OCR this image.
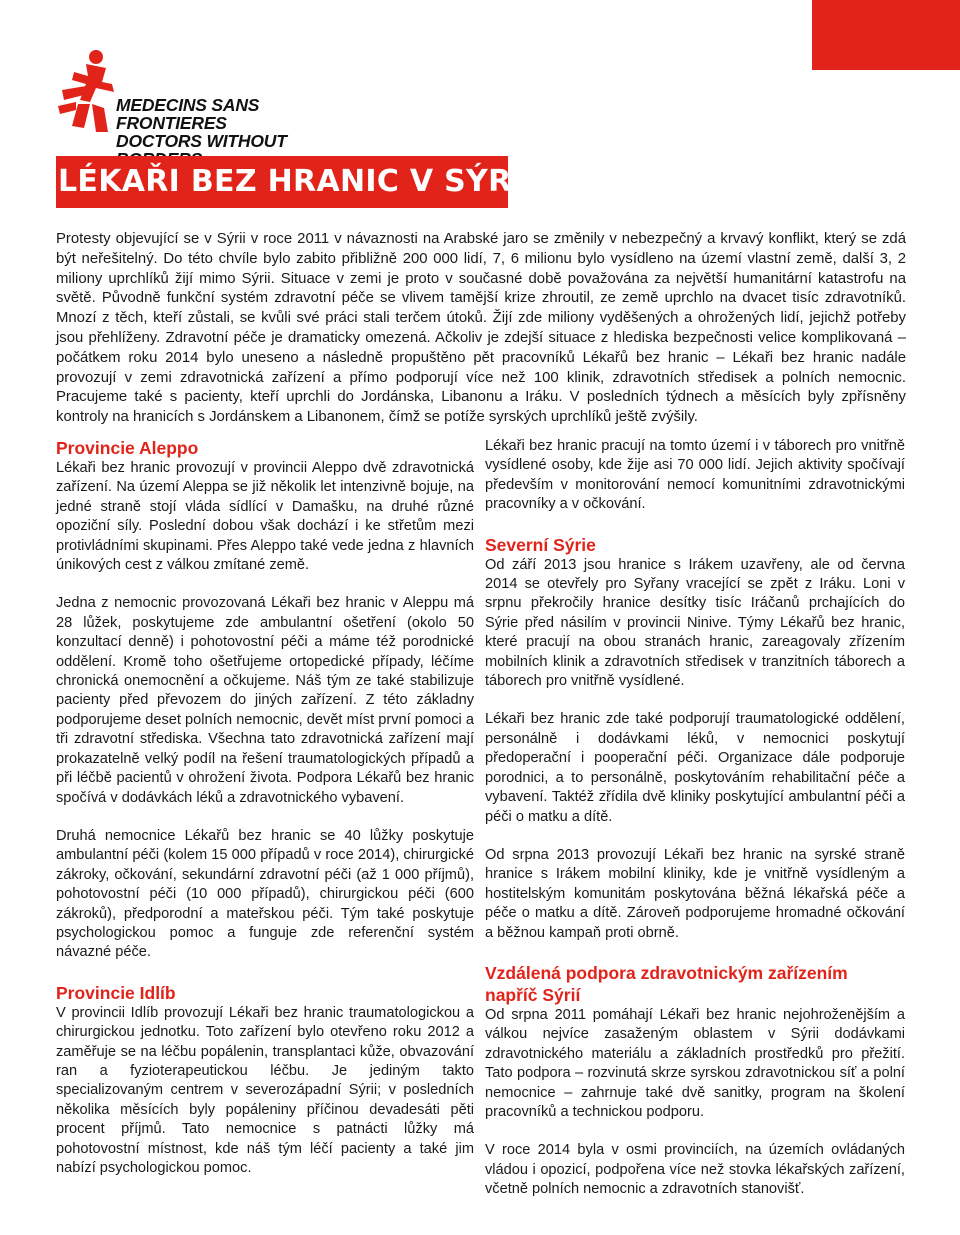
MEDECINS SANS FRONTIERES
DOCTORS WITHOUT
LÉKAŘI BEZ HRANIC V SÝRII

Protesty objevující se v Sýrii v roce 2011 v návaznosti na Arabské jaro se změnily v nebezpečný a krvavý konflikt, který se zdá být neřešitelný. Do této chvíle bylo zabito přibližně 200 000 lidí, 7, 6 milionu bylo vysídleno na území vlastní země, další 3, 2 miliony uprchlíků žijí mimo Sýrii. Situace v zemi je proto v současné době považována za největší humanitární katastrofu na světě. Původně funkční systém zdravotní péče se vlivem tamější krize zhroutil, ze země uprchlo na dvacet tisíc zdravotníků. Mnozí z těch, kteří zůstali, se kvůli své práci stali terčem útoků. Žijí zde miliony vyděšených a ohrožených lidí, jejichž potřeby jsou přehlíženy. Zdravotní péče je dramaticky omezená. Ačkoliv je zdejší situace z hlediska bezpečnosti velice komplikovaná – počátkem roku 2014 bylo uneseno a následně propuštěno pět pracovníků Lékařů bez hranic – Lékaři bez hranic nadále provozují v zemi zdravotnická zařízení a přímo podporují více než 100 klinik, zdravotních středisek a polních nemocnic. Pracujeme také s pacienty, kteří uprchli do Jordánska, Libanonu a Iráku. V posledních týdnech a měsících byly zpřísněny kontroly na hranicích s Jordánskem a Libanonem, čímž se potíže syrských uprchlíků ještě zvýšily.

Provincie Aleppo

Lékaři bez hranic provozují v provincii Aleppo dvě zdravotnická zařízení. Na území Aleppa se již několik let intenzivně bojuje, na jedné straně stojí vláda sídlící v Damašku, na druhé různé opoziční síly. Poslední dobou však dochází i ke střetům mezi protivládními skupinami. Přes Aleppo také vede jedna z hlavních únikových cest z válkou zmítané země.

Jedna z nemocnic provozovaná Lékaři bez hranic v Aleppu má 28 lůžek, poskytujeme zde ambulantní ošetření (okolo 50 konzultací denně) i pohotovostní péči a máme též porodnické oddělení. Kromě toho ošetřujeme ortopedické případy, léčíme chronická onemocnění a očkujeme. Náš tým ze také stabilizuje pacienty před převozem do jiných zařízení. Z této základny podporujeme deset polních nemocnic, devět míst první pomoci a tři zdravotní střediska. Všechna tato zdravotnická zařízení mají prokazatelně velký podíl na řešení traumatologických případů a při léčbě pacientů v ohrožení života. Podpora Lékařů bez hranic spočívá v dodávkách léků a zdravotnického vybavení.

Druhá nemocnice Lékařů bez hranic se 40 lůžky poskytuje ambulantní péči (kolem 15 000 případů v roce 2014), chirurgické zákroky, očkování, sekundární zdravotní péči (až 1 000 příjmů), pohotovostní péči (10 000 případů), chirurgickou péči (600 zákroků), předporodní a mateřskou péči. Tým také poskytuje psychologickou pomoc a funguje zde referenční systém návazné péče.

Provincie Idlíb

V provincii Idlíb provozují Lékaři bez hranic traumatologickou a chirurgickou jednotku. Toto zařízení bylo otevřeno roku 2012 a zaměřuje se na léčbu popálenin, transplantaci kůže, obvazování ran a fyzioterapeutickou léčbu. Je jediným takto specializovaným centrem v severozápadní Sýrii; v posledních několika měsících byly popáleniny příčinou devadesáti pěti procent příjmů. Tato nemocnice s patnácti lůžky má pohotovostní místnost, kde náš tým léčí pacienty a také jim nabízí psychologickou pomoc.

Lékaři bez hranic pracují na tomto území i v táborech pro vnitřně vysídlené osoby, kde žije asi 70 000 lidí. Jejich aktivity spočívají především v monitorování nemocí komunitními zdravotnickými pracovníky a v očkování.

Severní Sýrie

Od září 2013 jsou hranice s Irákem uzavřeny, ale od června 2014 se otevřely pro Syřany vracející se zpět z Iráku. Loni v srpnu překročily hranice desítky tisíc Iráčanů prchajících do Sýrie před násilím v provincii Ninive. Týmy Lékařů bez hranic, které pracují na obou stranách hranic, zareagovaly zřízením mobilních klinik a zdravotních středisek v tranzitních táborech a táborech pro vnitřně vysídlené.

Lékaři bez hranic zde také podporují traumatologické oddělení, personálně i dodávkami léků, v nemocnici poskytují předoperační i pooperační péči. Organizace dále podporuje porodnici, a to personálně, poskytováním rehabilitační péče a vybavení. Taktéž zřídila dvě kliniky poskytující ambulantní péči a péči o matku a dítě.

Od srpna 2013 provozují Lékaři bez hranic na syrské straně hranice s Irákem mobilní kliniky, kde je vnitřně vysídleným a hostitelským komunitám poskytována běžná lékařská péče a péče o matku a dítě. Zároveň podporujeme hromadné očkování a běžnou kampaň proti obrně.

Vzdálená podpora zdravotnickým zařízením napříč Sýrií

Od srpna 2011 pomáhají Lékaři bez hranic nejohroženějším a válkou nejvíce zasaženým oblastem v Sýrii dodávkami zdravotnického materiálu a základních prostředků pro přežití. Tato podpora – rozvinutá skrze syrskou zdravotnickou síť a polní nemocnice – zahrnuje také dvě sanitky, program na školení pracovníků a technickou podporu.

V roce 2014 byla v osmi provinciích, na územích ovládaných vládou i opozicí, podpořena více než stovka lékařských zařízení, včetně polních nemocnic a zdravotních stanovišť.
